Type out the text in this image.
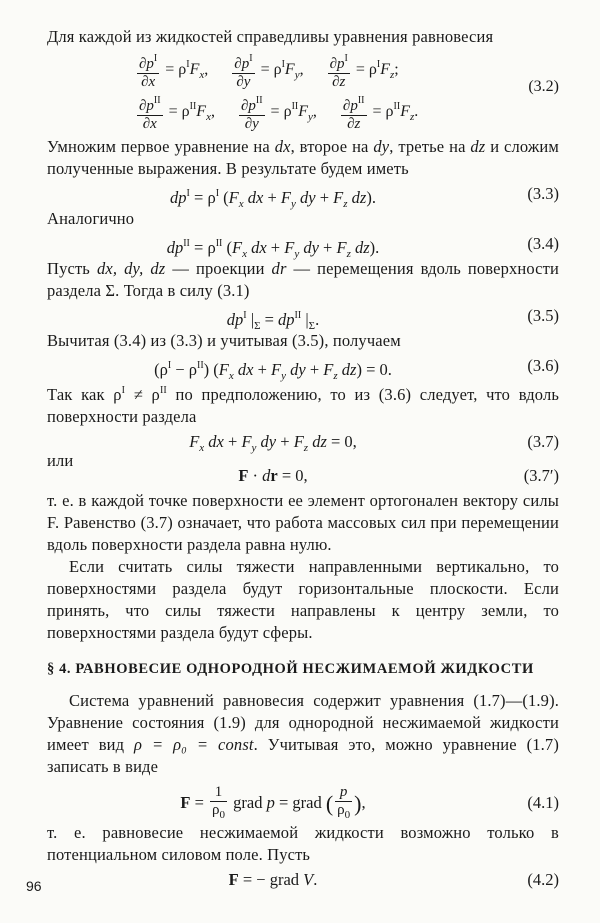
Для каждой из жидкостей справедливы уравнения равновесия

$\frac{\partial p^I}{\partial x} = \rho^IF_x$, $\frac{\partial p^I}{\partial y} = \rho^IF_y$, $\frac{\partial p^I}{\partial z} = \rho^IF_z$;
$\frac{\partial p^{II}}{\partial x} = \rho^{II}F_x$, $\frac{\partial p^{II}}{\partial y} = \rho^{II}F_y$, $\frac{\partial p^{II}}{\partial z} = \rho^{II}F_z$.
(3.2)

Умножим первое уравнение на dx, второе на dy, третье на dz и сложим полученные выражения. В результате будем иметь

$dp^I = \rho^I$ ($F_x$ dx + $F_y$ dy + $F_z$ dz).	(3.3)

Аналогично

$dp^{II} = \rho^{II}$ ($F_x$ dx + $F_y$ dy + $F_z$ dz).	(3.4)

Пусть dx, dy, dz — проекции dr — перемещения вдоль поверхности раздела Σ. Тогда в силу (3.1)

$dp^I$ $|_\Sigma = dp^{II}$ $|_\Sigma$.	(3.5)

Вычитая (3.4) из (3.3) и учитывая (3.5), получаем

$(\rho^I - \rho^{II})$ ($F_x$ dx + $F_y$ dy + $F_z$ dz) = 0.	(3.6)

Так как $\rho^I \ne \rho^{II}$ по предположению, то из (3.6) следует, что вдоль поверхности раздела

$F_x$ dx + $F_y$ dy + $F_z$ dz = 0,	(3.7)

или

F · dr = 0,	(3.7′)

т. е. в каждой точке поверхности ее элемент ортогонален вектору силы F. Равенство (3.7) означает, что работа массовых сил при перемещении вдоль поверхности раздела равна нулю.

Если считать силы тяжести направленными вертикально, то поверхностями раздела будут горизонтальные плоскости. Если принять, что силы тяжести направлены к центру земли, то поверхностями раздела будут сферы.

§ 4. РАВНОВЕСИЕ ОДНОРОДНОЙ НЕСЖИМАЕМОЙ ЖИДКОСТИ

Система уравнений равновесия содержит уравнения (1.7)—(1.9). Уравнение состояния (1.9) для однородной несжимаемой жидкости имеет вид ρ = ρ₀ = const. Учитывая это, можно уравнение (1.7) записать в виде

$F = \frac{1}{\rho_0}$ grad p = grad ( $\frac{p}{\rho_0}$ ),	(4.1)

т. е. равновесие несжимаемой жидкости возможно только в потенциальном силовом поле. Пусть

F = − grad V.	(4.2)
96
